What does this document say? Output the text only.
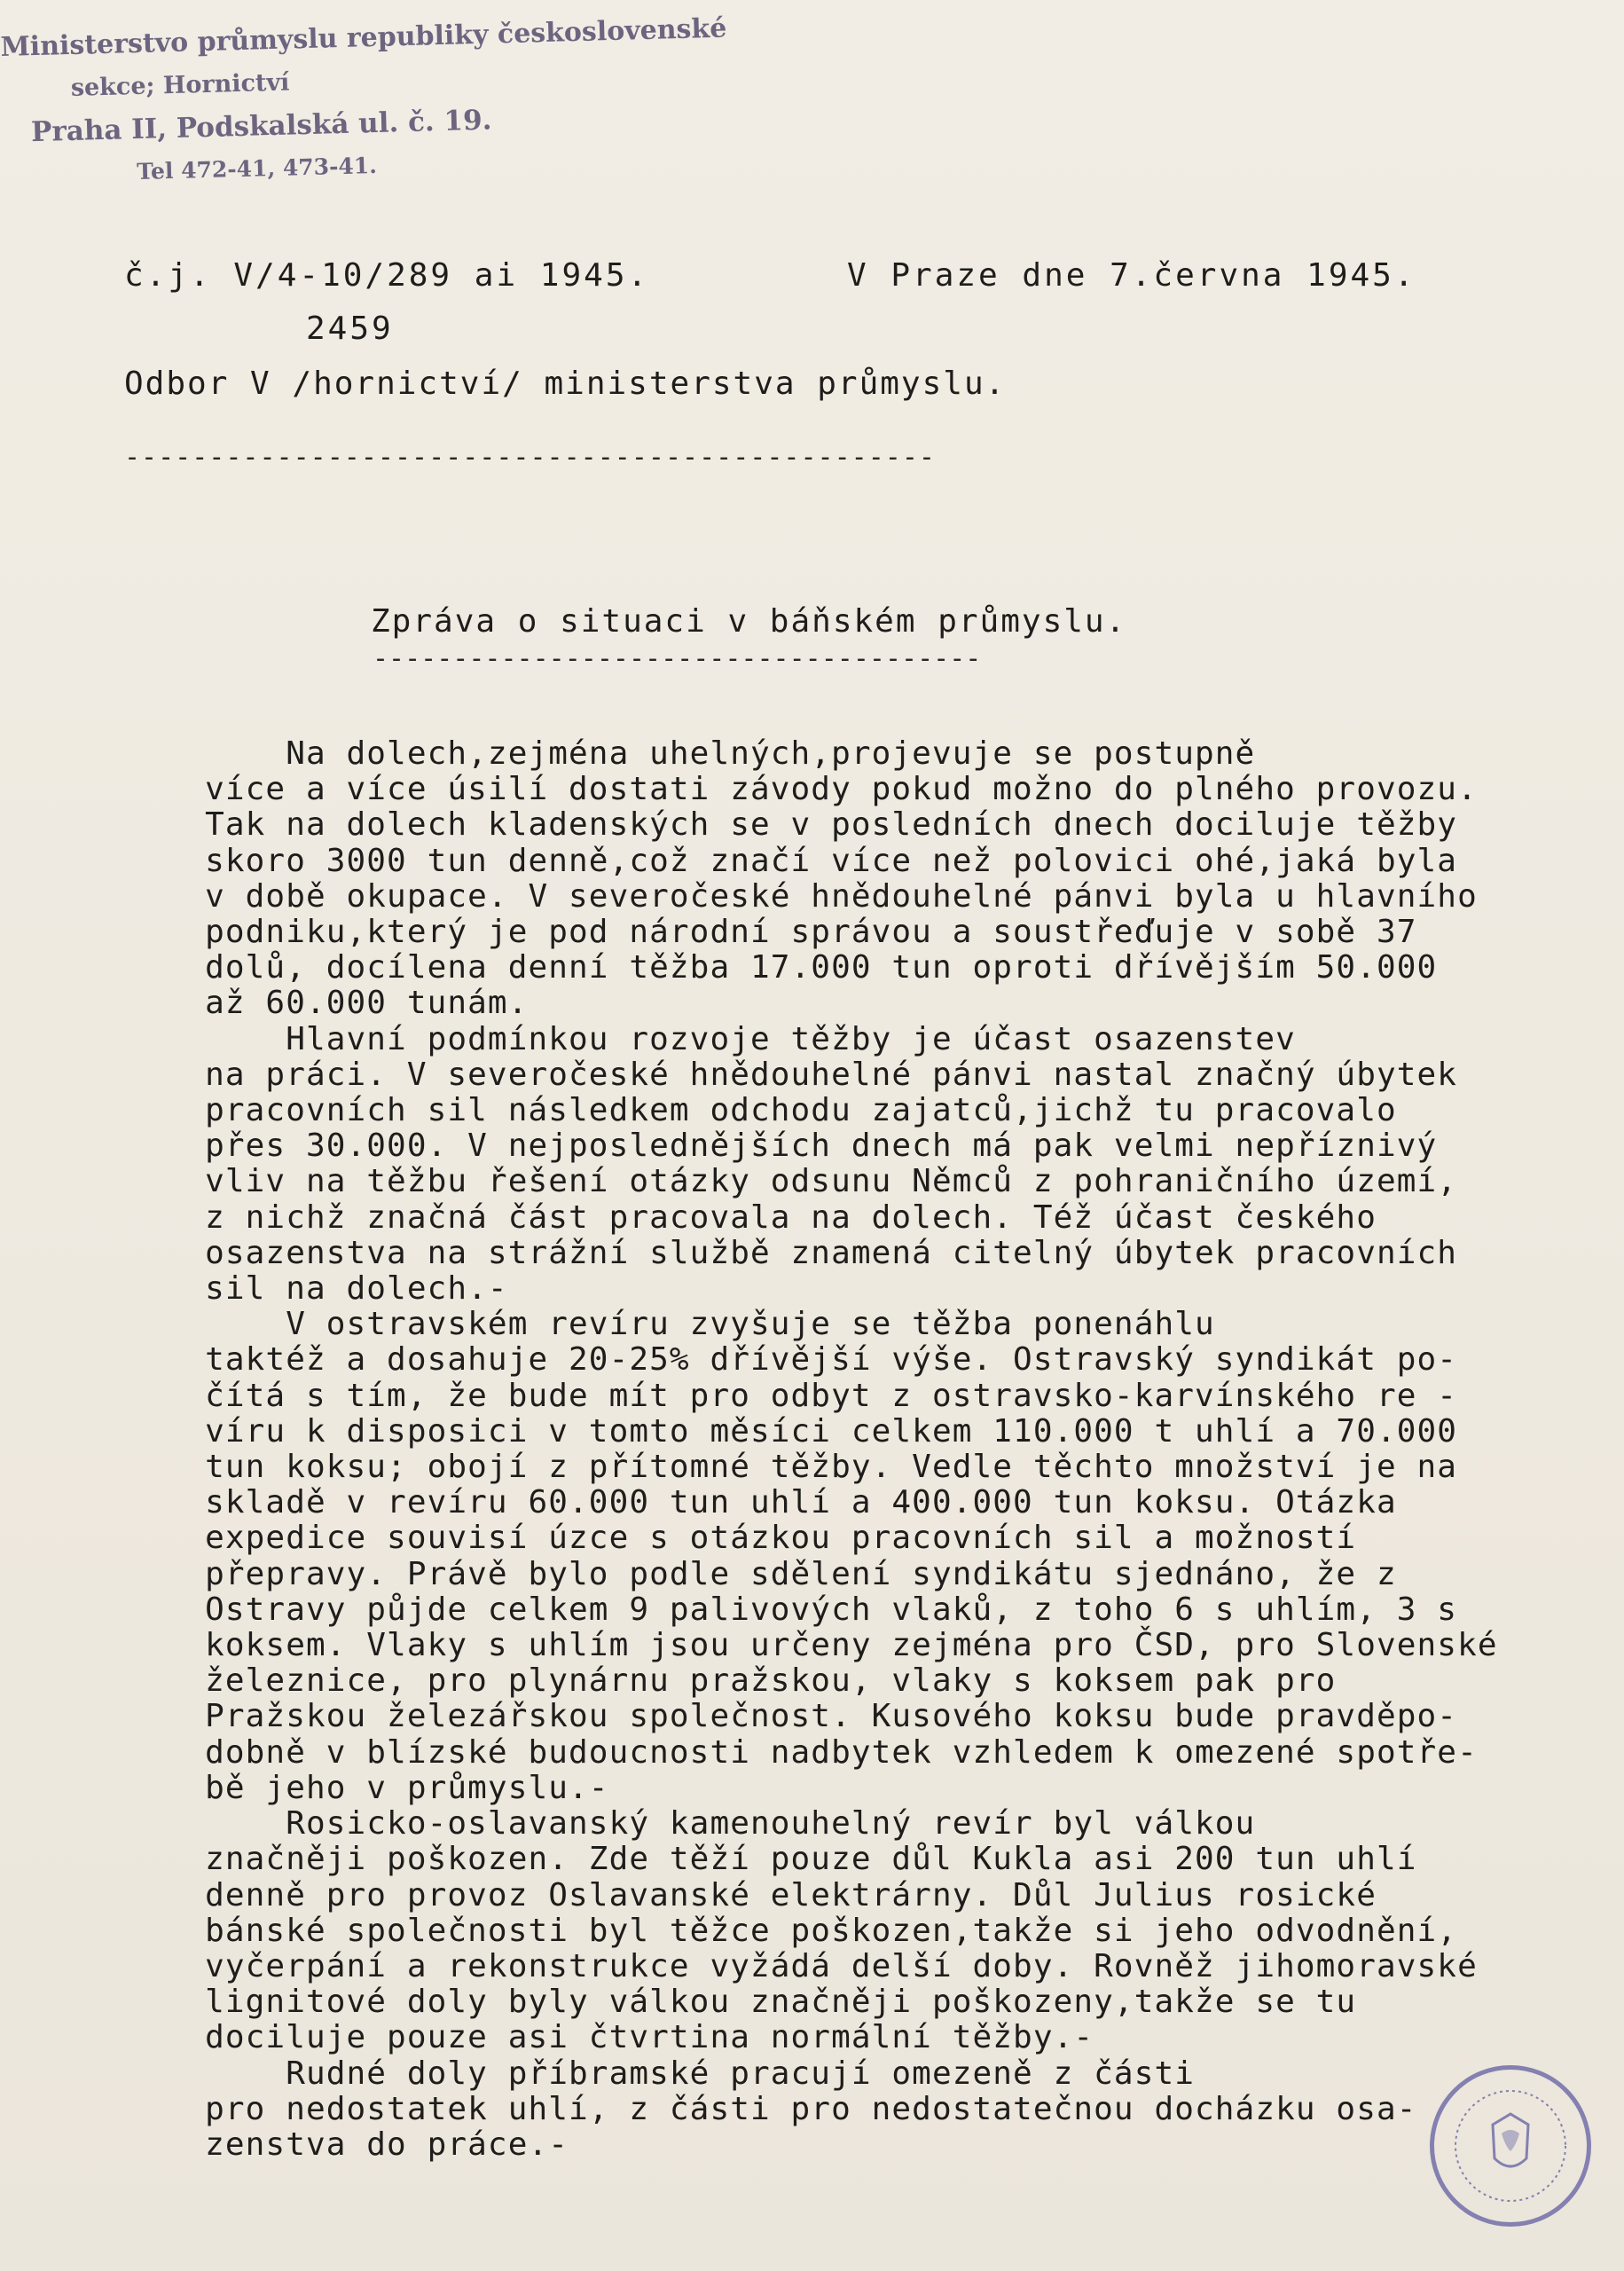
Ministerstvo průmyslu republiky československé
sekce; Hornictví
Praha II, Podskalská ul. č. 19.
Tel 472-41, 473-41.
č.j. V/4-10/289 ai 1945.	V Praze dne 7.června 1945.
2459
Odbor V /hornictví/ ministerstva průmyslu.
------------------------------------------------
Zpráva o situaci v báňském průmyslu.
--------------------------------------

Na dolech,zejména uhelných,projevuje se postupně

více a více úsilí dostati závody pokud možno do plného provozu.

Tak na dolech kladenských se v posledních dnech dociluje těžby

skoro 3000 tun denně,což značí více než polovici ohé,jaká byla

v době okupace. V severočeské hnědouhelné pánvi byla u hlavního

podniku,který je pod národní správou a soustřeďuje v sobě 37

dolů, docílena denní těžba 17.000 tun oproti dřívějším 50.000

až 60.000 tunám.

Hlavní podmínkou rozvoje těžby je účast osazenstev

na práci. V severočeské hnědouhelné pánvi nastal značný úbytek

pracovních sil následkem odchodu zajatců,jichž tu pracovalo

přes 30.000. V nejposlednějších dnech má pak velmi nepříznivý

vliv na těžbu řešení otázky odsunu Němců z pohraničního území,

z nichž značná část pracovala na dolech. Též účast českého

osazenstva na strážní službě znamená citelný úbytek pracovních

sil na dolech.-

V ostravském revíru zvyšuje se těžba ponenáhlu

taktéž a dosahuje 20-25% dřívější výše. Ostravský syndikát po-

čítá s tím, že bude mít pro odbyt z ostravsko-karvínského re -

víru k disposici v tomto měsíci celkem 110.000 t uhlí a 70.000

tun koksu; obojí z přítomné těžby. Vedle těchto množství je na

skladě v revíru 60.000 tun uhlí a 400.000 tun koksu. Otázka

expedice souvisí úzce s otázkou pracovních sil a možností

přepravy. Právě bylo podle sdělení syndikátu sjednáno, že z

Ostravy půjde celkem 9 palivových vlaků, z toho 6 s uhlím, 3 s

koksem. Vlaky s uhlím jsou určeny zejména pro ČSD, pro Slovenské

železnice, pro plynárnu pražskou, vlaky s koksem pak pro

Pražskou železářskou společnost. Kusového koksu bude pravděpo-

dobně v blízské budoucnosti nadbytek vzhledem k omezené spotře-

bě jeho v průmyslu.-

Rosicko-oslavanský kamenouhelný revír byl válkou

značněji poškozen. Zde těží pouze důl Kukla asi 200 tun uhlí

denně pro provoz Oslavanské elektrárny. Důl Julius rosické

bánské společnosti byl těžce poškozen,takže si jeho odvodnění,

vyčerpání a rekonstrukce vyžádá delší doby. Rovněž jihomoravské

lignitové doly byly válkou značněji poškozeny,takže se tu

dociluje pouze asi čtvrtina normální těžby.-

Rudné doly příbramské pracují omezeně z části

pro nedostatek uhlí, z části pro nedostatečnou docházku osa-

zenstva do práce.-
